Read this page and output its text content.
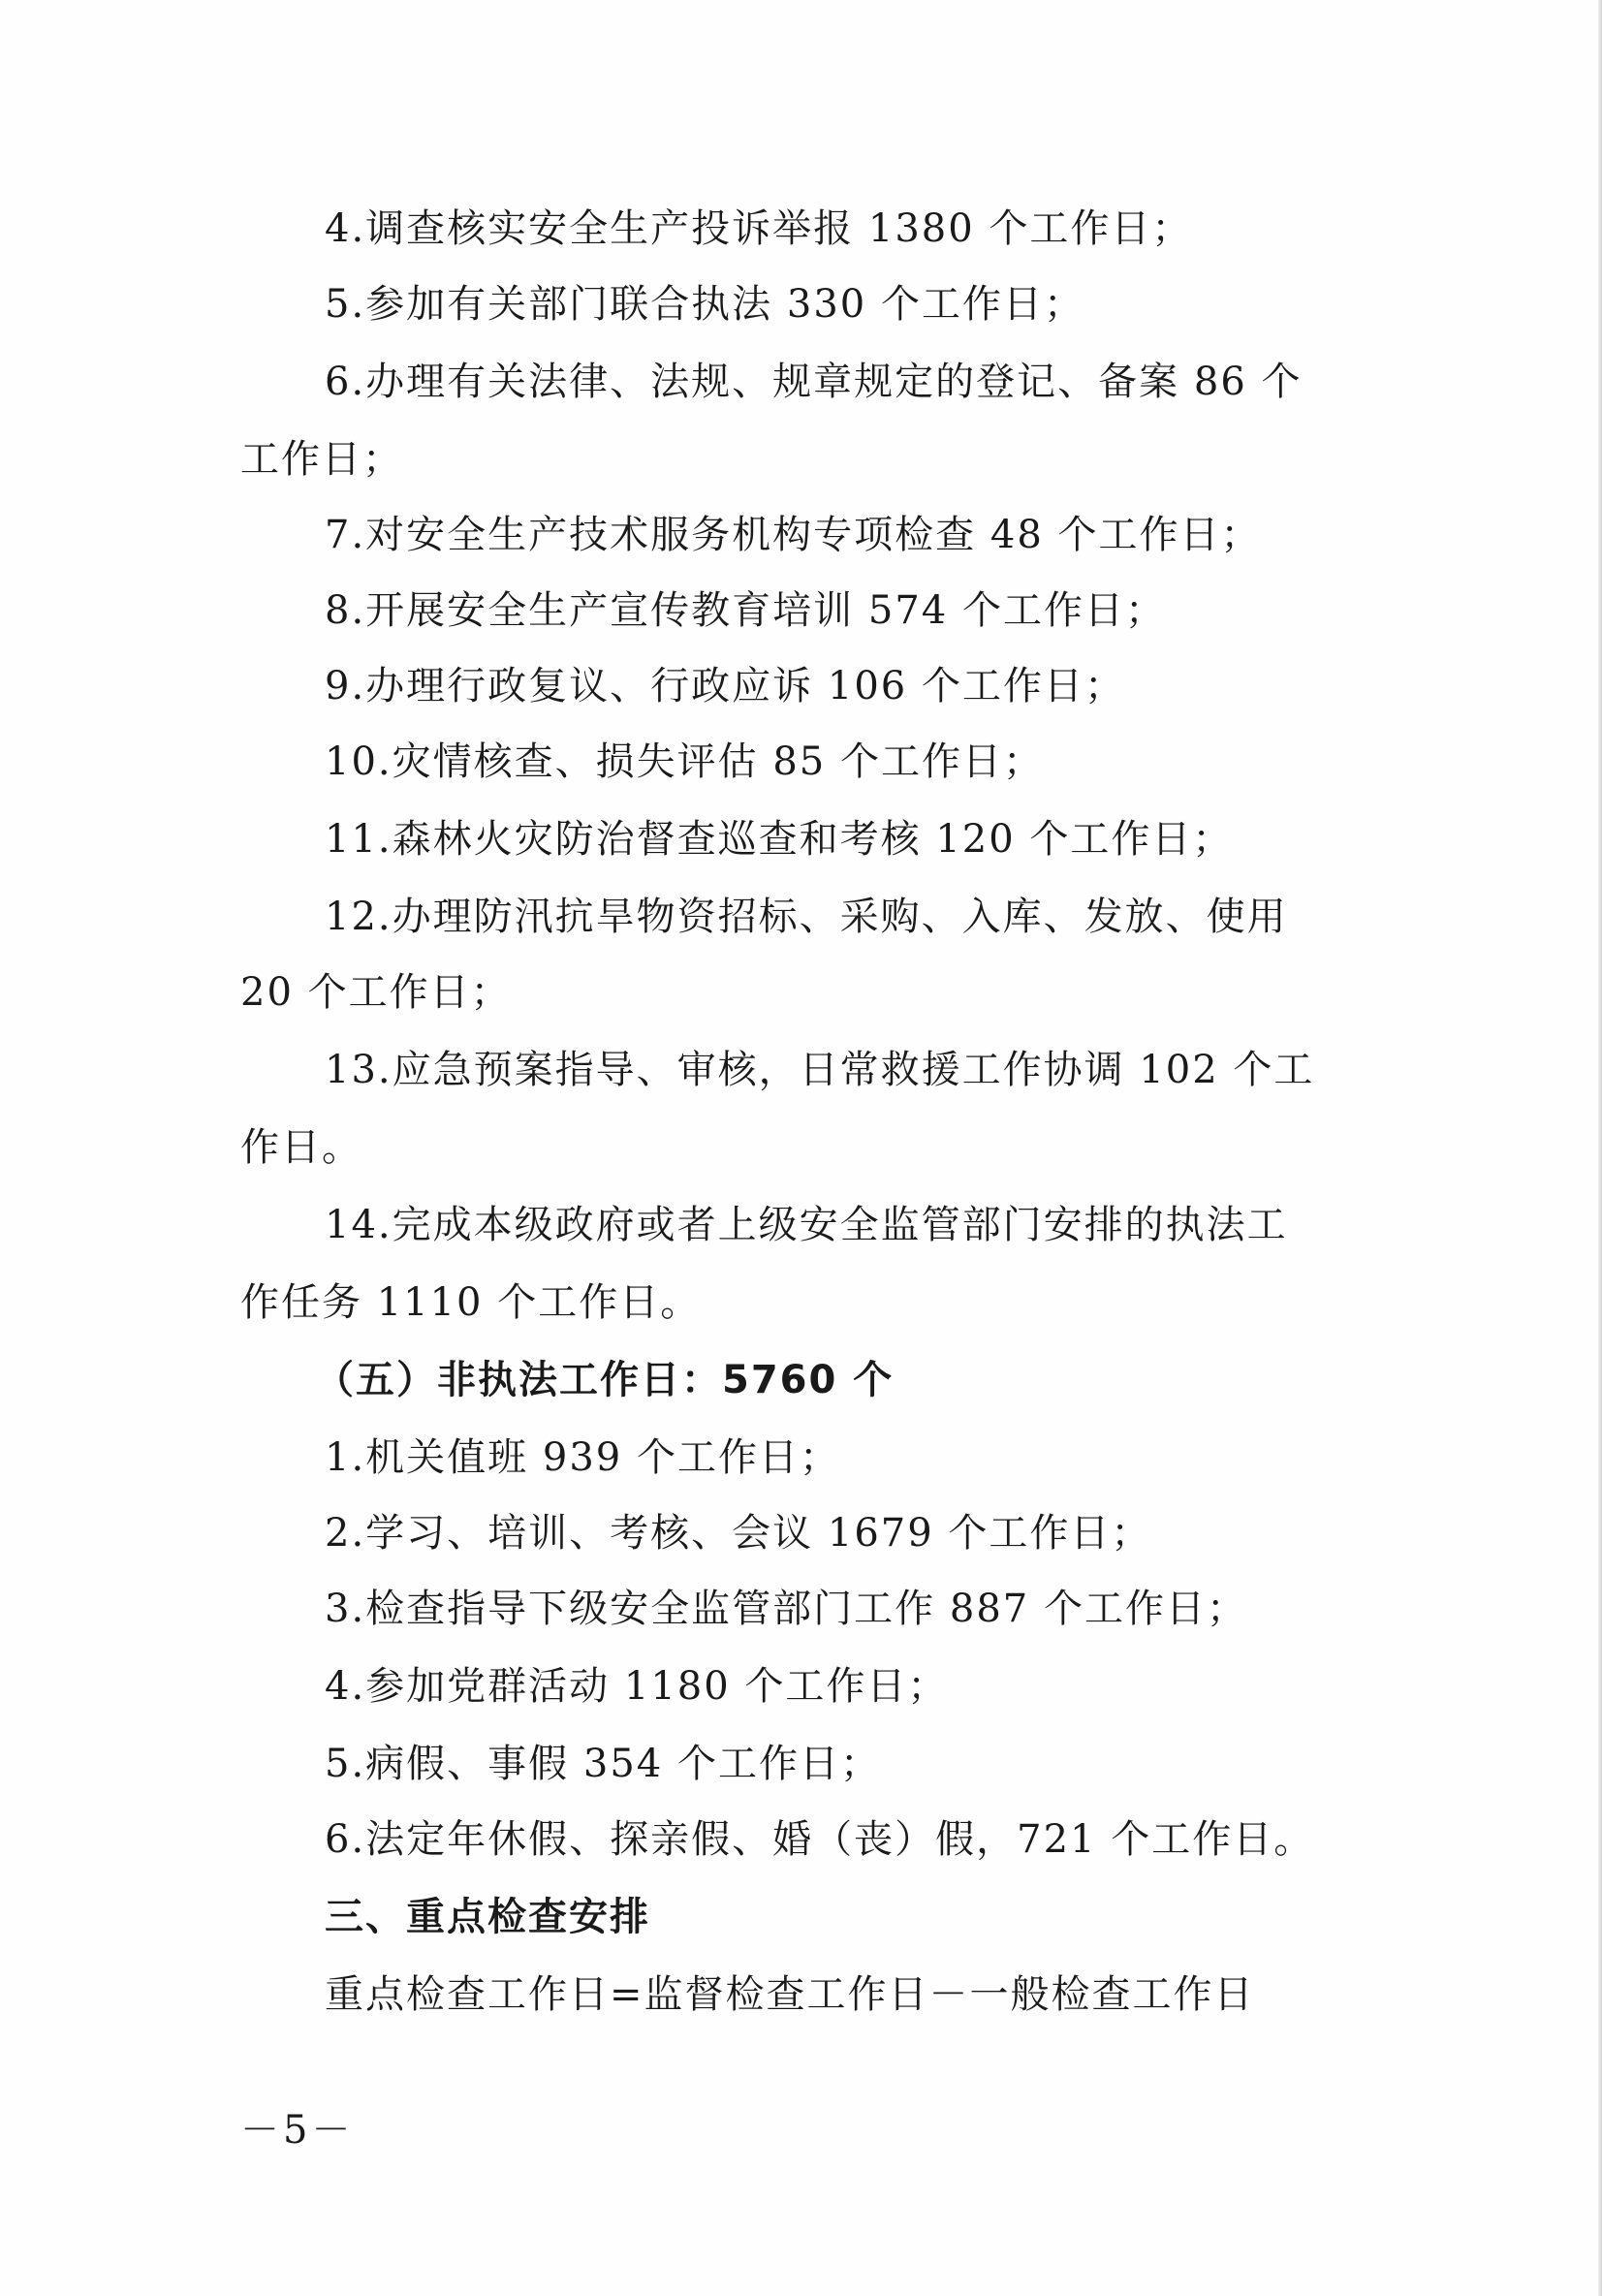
4.调查核实安全生产投诉举报 1380 个工作日；
5.参加有关部门联合执法 330 个工作日；
6.办理有关法律、法规、规章规定的登记、备案 86 个
工作日；
7.对安全生产技术服务机构专项检查 48 个工作日；
8.开展安全生产宣传教育培训 574 个工作日；
9.办理行政复议、行政应诉 106 个工作日；
10.灾情核查、损失评估 85 个工作日；
11.森林火灾防治督查巡查和考核 120 个工作日；
12.办理防汛抗旱物资招标、采购、入库、发放、使用
20 个工作日；
13.应急预案指导、审核，日常救援工作协调 102 个工
作日。
14.完成本级政府或者上级安全监管部门安排的执法工
作任务 1110 个工作日。
（五）非执法工作日：5760 个
1.机关值班 939 个工作日；
2.学习、培训、考核、会议 1679 个工作日；
3.检查指导下级安全监管部门工作 887 个工作日；
4.参加党群活动 1180 个工作日；
5.病假、事假 354 个工作日；
6.法定年休假、探亲假、婚（丧）假，721 个工作日。
三、重点检查安排
重点检查工作日=监督检查工作日－一般检查工作日
－5－
